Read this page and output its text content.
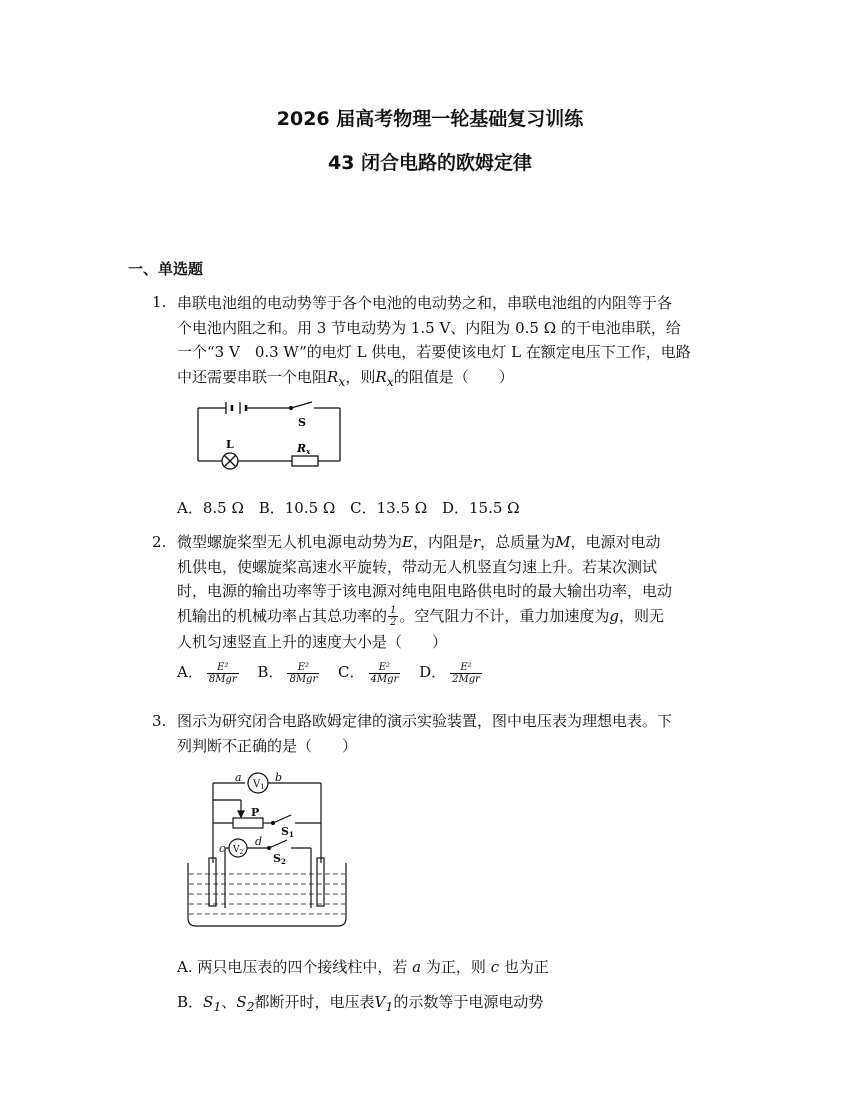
2026 届高考物理一轮基础复习训练
43 闭合电路的欧姆定律
一、单选题
1. 串联电池组的电动势等于各个电池的电动势之和，串联电池组的内阻等于各
个电池内阻之和。用 3 节电动势为 1.5 V、内阻为 0.5 Ω 的干电池串联，给
一个“3 V　0.3 W”的电灯 L 供电，若要使该电灯 L 在额定电压下工作，电路
中还需要串联一个电阻$R_x$，则$R_x$的阻值是（　　）
S
L	Rx
A．8.5 Ω B．10.5 Ω C．13.5 Ω D．15.5 Ω
2. 微型螺旋桨型无人机电源电动势为E，内阻是r，总质量为M，电源对电动
机供电，使螺旋桨高速水平旋转，带动无人机竖直匀速上升。若某次测试
时，电源的输出功率等于该电源对纯电阻电路供电时的最大输出功率，电动
机输出的机械功率占其总功率的 $\frac{1}{2}$ 。空气阻力不计，重力加速度为g，则无
人机匀速竖直上升的速度大小是（　　）
A． $\frac{\text{E²}}{\text{8Mgr}}$ B． $\frac{\text{E²}}{\text{8Mgr}}$ C． $\frac{\text{E²}}{\text{4Mgr}}$ D． $\frac{\text{E²}}{\text{2Mgr}}$
3. 图示为研究闭合电路欧姆定律的演示实验装置，图中电压表为理想电表。下
列判断不正确的是（　　）
a	b
$V_1$
P
S1
c $V_2$
d
S2
A. 两只电压表的四个接线柱中，若 a 为正，则 c 也为正
B．$S_1$、$S_2$都断开时，电压表$V_1$的示数等于电源电动势
